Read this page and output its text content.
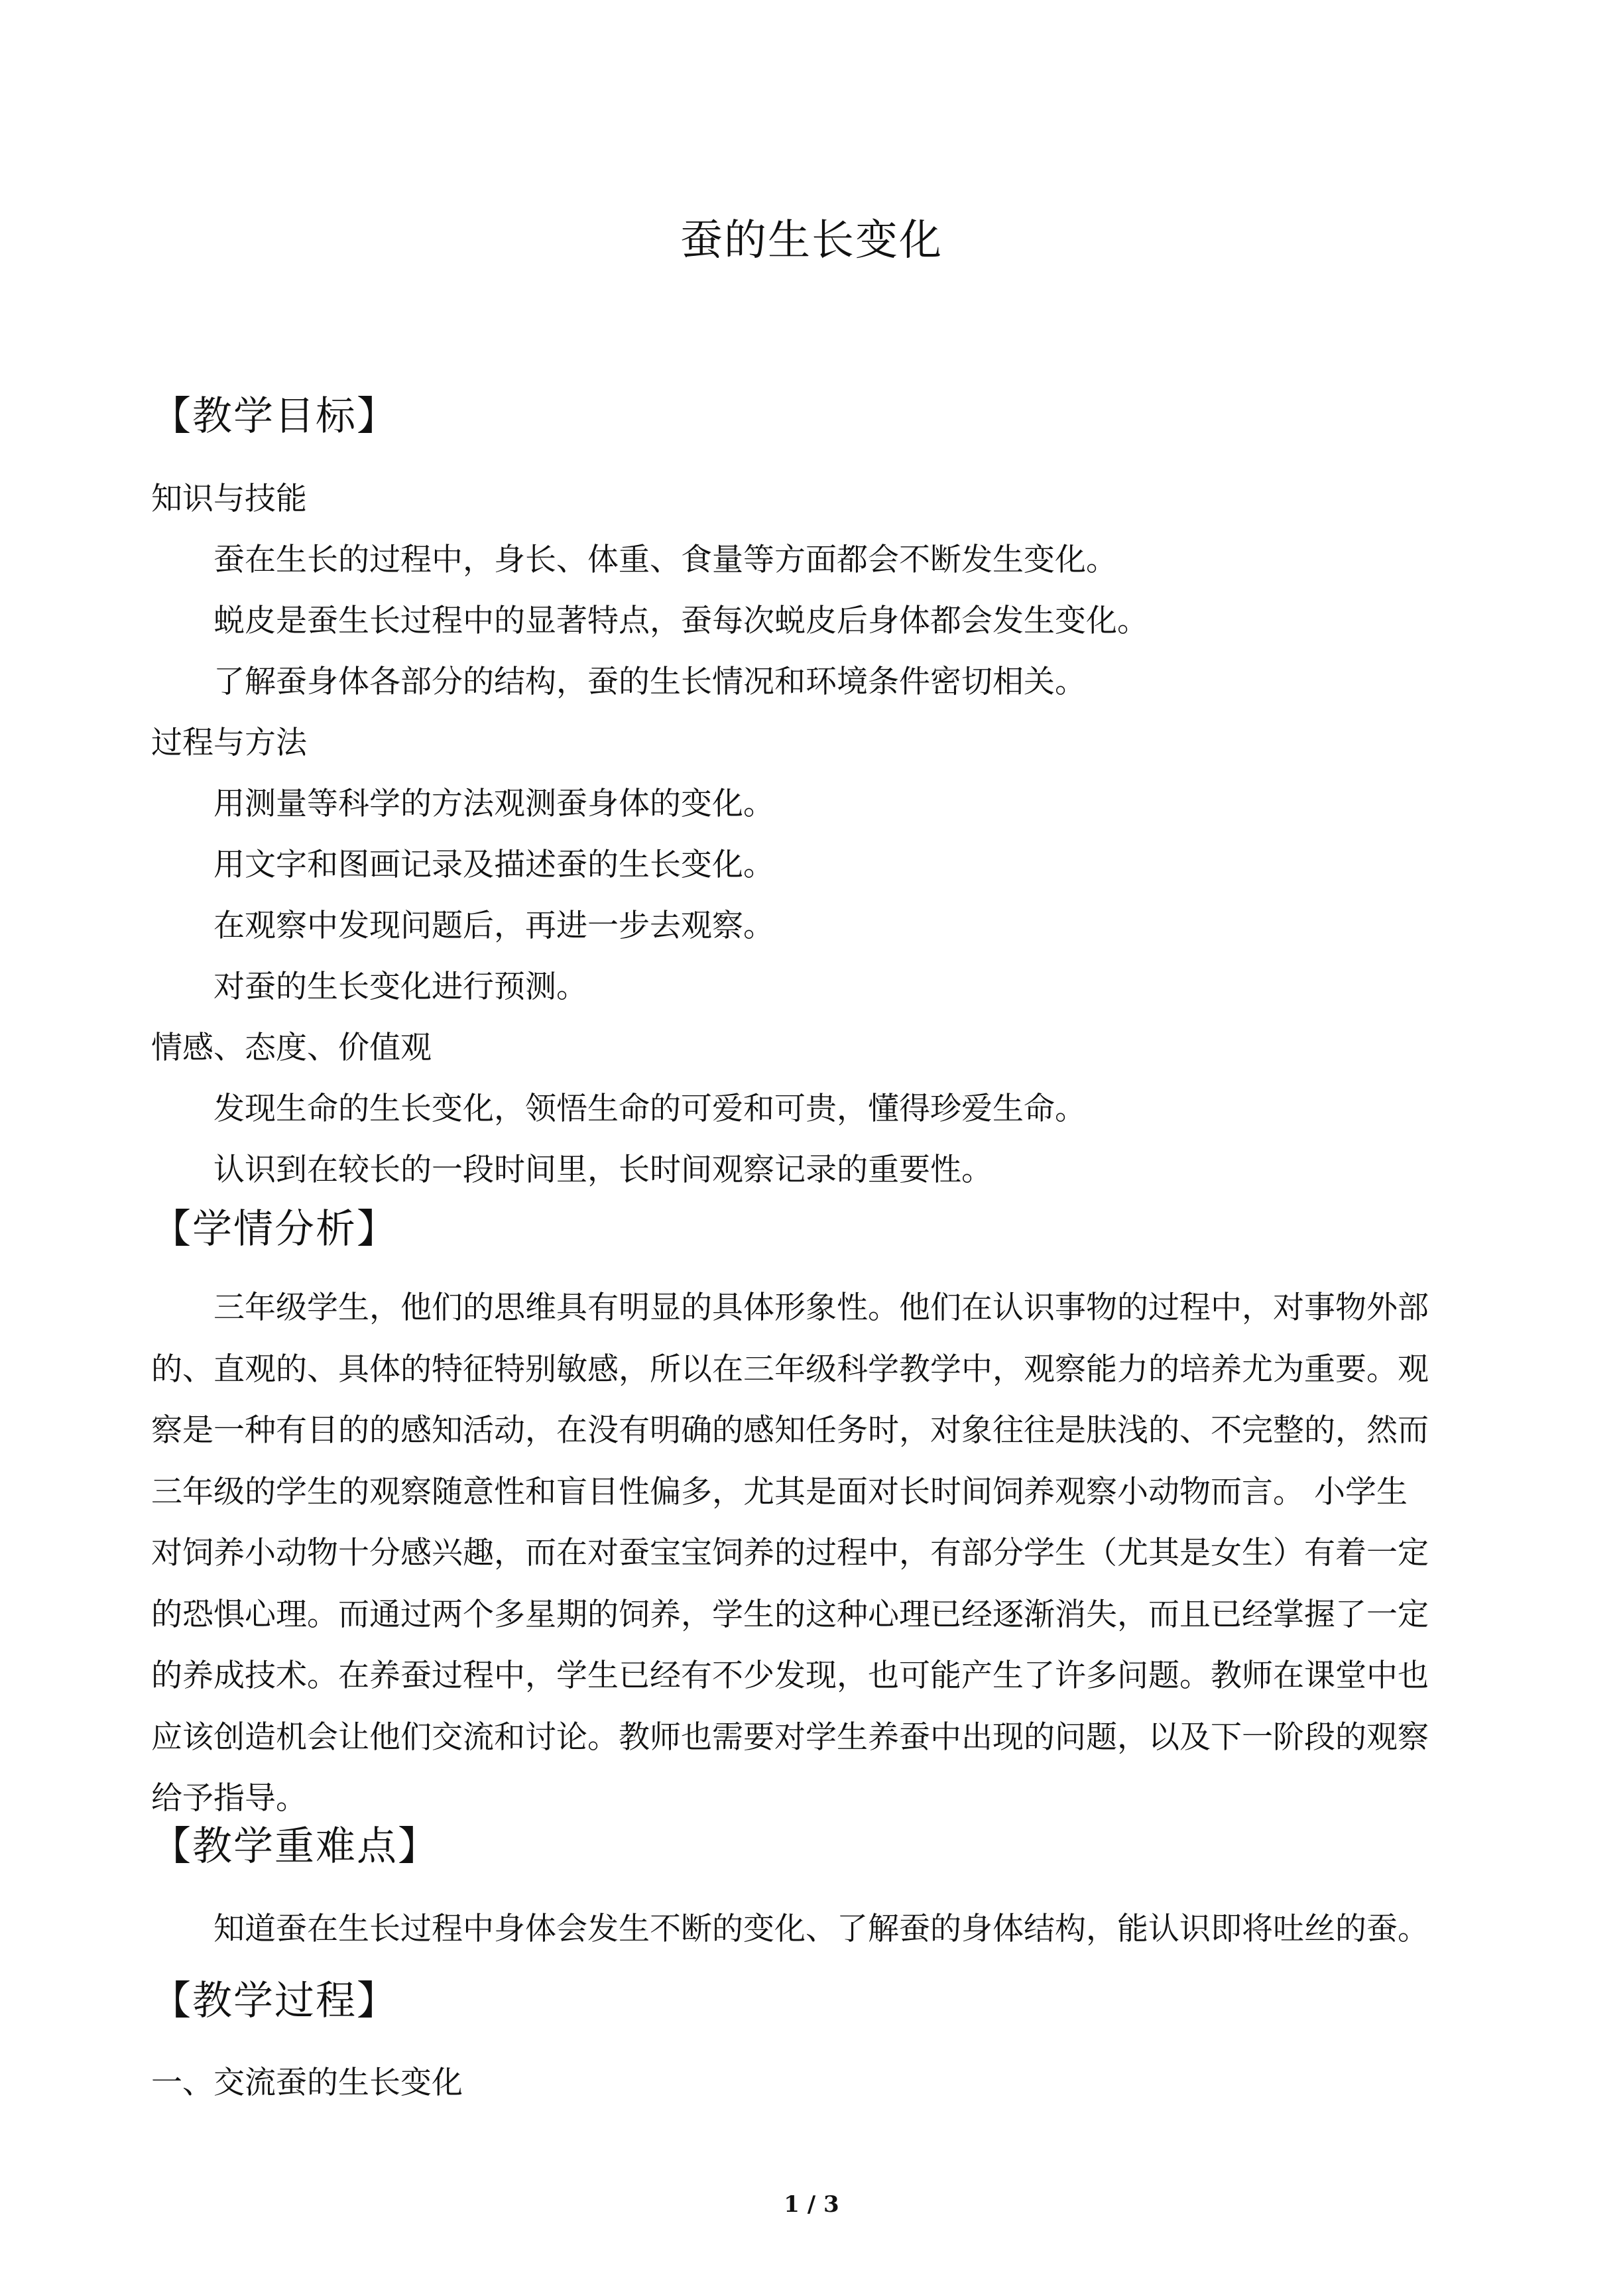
蚕的生长变化
【教学目标】
知识与技能
蚕在生长的过程中，身长、体重、食量等方面都会不断发生变化。
蜕皮是蚕生长过程中的显著特点，蚕每次蜕皮后身体都会发生变化。
了解蚕身体各部分的结构，蚕的生长情况和环境条件密切相关。
过程与方法
用测量等科学的方法观测蚕身体的变化。
用文字和图画记录及描述蚕的生长变化。
在观察中发现问题后，再进一步去观察。
对蚕的生长变化进行预测。
情感、态度、价值观
发现生命的生长变化，领悟生命的可爱和可贵，懂得珍爱生命。
认识到在较长的一段时间里，长时间观察记录的重要性。
【学情分析】
三年级学生，他们的思维具有明显的具体形象性。他们在认识事物的过程中，对事物外部
的、直观的、具体的特征特别敏感，所以在三年级科学教学中，观察能力的培养尤为重要。观
察是一种有目的的感知活动，在没有明确的感知任务时，对象往往是肤浅的、不完整的，然而
三年级的学生的观察随意性和盲目性偏多，尤其是面对长时间饲养观察小动物而言。 小学生
对饲养小动物十分感兴趣，而在对蚕宝宝饲养的过程中，有部分学生（尤其是女生）有着一定
的恐惧心理。而通过两个多星期的饲养，学生的这种心理已经逐渐消失，而且已经掌握了一定
的养成技术。在养蚕过程中，学生已经有不少发现，也可能产生了许多问题。教师在课堂中也
应该创造机会让他们交流和讨论。教师也需要对学生养蚕中出现的问题，以及下一阶段的观察
给予指导。
【教学重难点】
知道蚕在生长过程中身体会发生不断的变化、了解蚕的身体结构，能认识即将吐丝的蚕。
【教学过程】
一、交流蚕的生长变化
1 / 3
